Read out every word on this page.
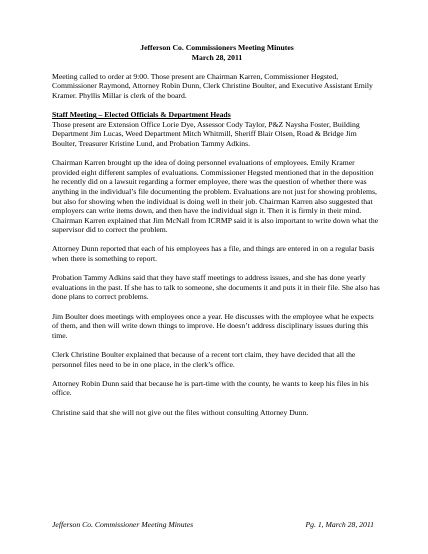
Jefferson Co. Commissioners Meeting Minutes
March 28, 2011

Meeting called to order at 9:00. Those present are Chairman Karren, Commissioner Hegsted, Commissioner Raymond, Attorney Robin Dunn, Clerk Christine Boulter, and Executive Assistant Emily Kramer. Phyllis Millar is clerk of the board.

Staff Meeting – Elected Officials & Department Heads

Those present are Extension Office Lorie Dye, Assessor Cody Taylor, P&Z Naysha Foster, Building Department Jim Lucas, Weed Department Mitch Whitmill, Sheriff Blair Olsen, Road & Bridge Jim Boulter, Treasurer Kristine Lund, and Probation Tammy Adkins.

Chairman Karren brought up the idea of doing personnel evaluations of employees. Emily Kramer provided eight different samples of evaluations. Commissioner Hegsted mentioned that in the deposition he recently did on a lawsuit regarding a former employee, there was the question of whether there was anything in the individual’s file documenting the problem. Evaluations are not just for showing problems, but also for showing when the individual is doing well in their job. Chairman Karren also suggested that employers can write items down, and then have the individual sign it. Then it is firmly in their mind. Chairman Karren explained that Jim McNall from ICRMP said it is also important to write down what the supervisor did to correct the problem.

Attorney Dunn reported that each of his employees has a file, and things are entered in on a regular basis when there is something to report.

Probation Tammy Adkins said that they have staff meetings to address issues, and she has done yearly evaluations in the past. If she has to talk to someone, she documents it and puts it in their file. She also has done plans to correct problems.

Jim Boulter does meetings with employees once a year. He discusses with the employee what he expects of them, and then will write down things to improve. He doesn’t address disciplinary issues during this time.

Clerk Christine Boulter explained that because of a recent tort claim, they have decided that all the personnel files need to be in one place, in the clerk’s office.

Attorney Robin Dunn said that because he is part-time with the county, he wants to keep his files in his office.

Christine said that she will not give out the files without consulting Attorney Dunn.

Jefferson Co. Commissioner Meeting Minutes	Pg. 1, March 28, 2011
